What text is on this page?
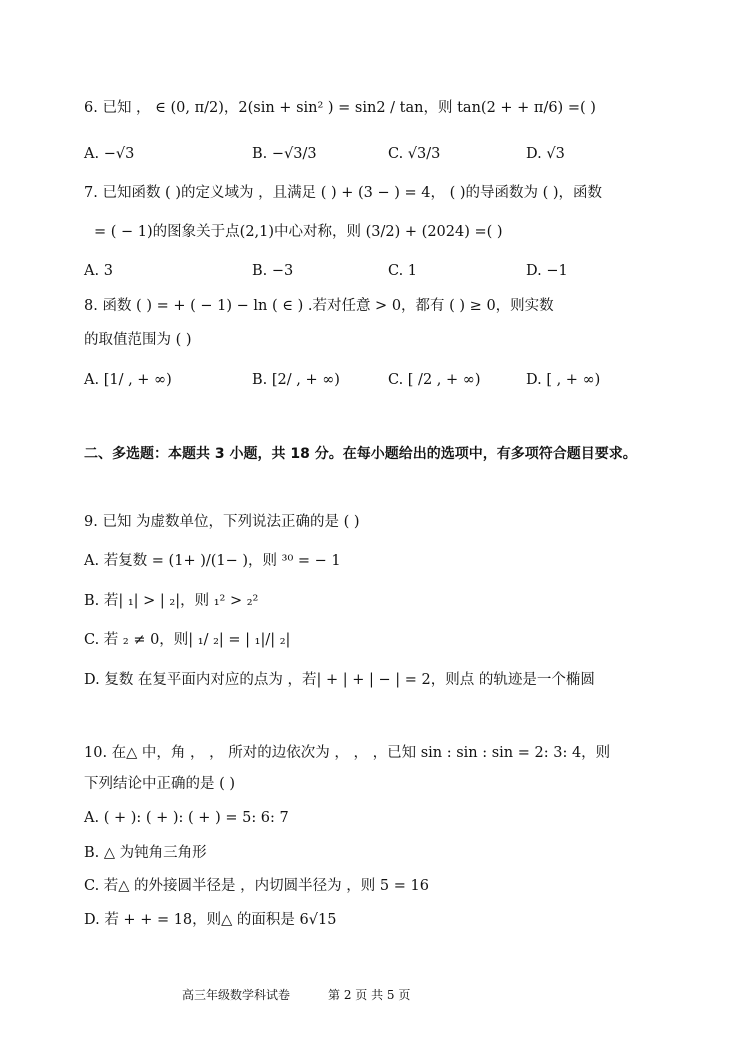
6. 已知 ， ∈ (0, π/2)，2(sin + sin² ) = sin2 / tan，则 tan(2 + + π/6) =( )
A. −√3	B. −√3/3	C. √3/3	D. √3
7. 已知函数 ( )的定义域为 ，且满足 ( ) + (3 − ) = 4， ( )的导函数为 ( )，函数
= ( − 1)的图象关于点(2,1)中心对称，则 (3/2) + (2024) =( )
A. 3	B. −3	C. 1	D. −1
8. 函数 ( ) = + ( − 1) − ln ( ∈ ) .若对任意 > 0，都有 ( ) ≥ 0，则实数
的取值范围为 ( )
A. [1/ , + ∞)	B. [2/ , + ∞)	C. [ /2 , + ∞)	D. [ , + ∞)
二、多选题：本题共 3 小题，共 18 分。在每小题给出的选项中，有多项符合题目要求。
9. 已知 为虚数单位，下列说法正确的是 ( )
A. 若复数 = (1+ )/(1− )，则 ³⁰ = − 1
B. 若| ₁| > | ₂|，则 ₁² > ₂²
C. 若 ₂ ≠ 0，则| ₁/ ₂| = | ₁|/| ₂|
D. 复数 在复平面内对应的点为 ，若| + | + | − | = 2，则点 的轨迹是一个椭圆
10. 在△ 中，角 ， ， 所对的边依次为 ， ， ，已知 sin : sin : sin = 2: 3: 4，则
下列结论中正确的是 ( )
A. ( + ): ( + ): ( + ) = 5: 6: 7
B. △ 为钝角三角形
C. 若△ 的外接圆半径是 ，内切圆半径为 ，则 5 = 16
D. 若 + + = 18，则△ 的面积是 6√15
高三年级数学科试卷	第 2 页 共 5 页
